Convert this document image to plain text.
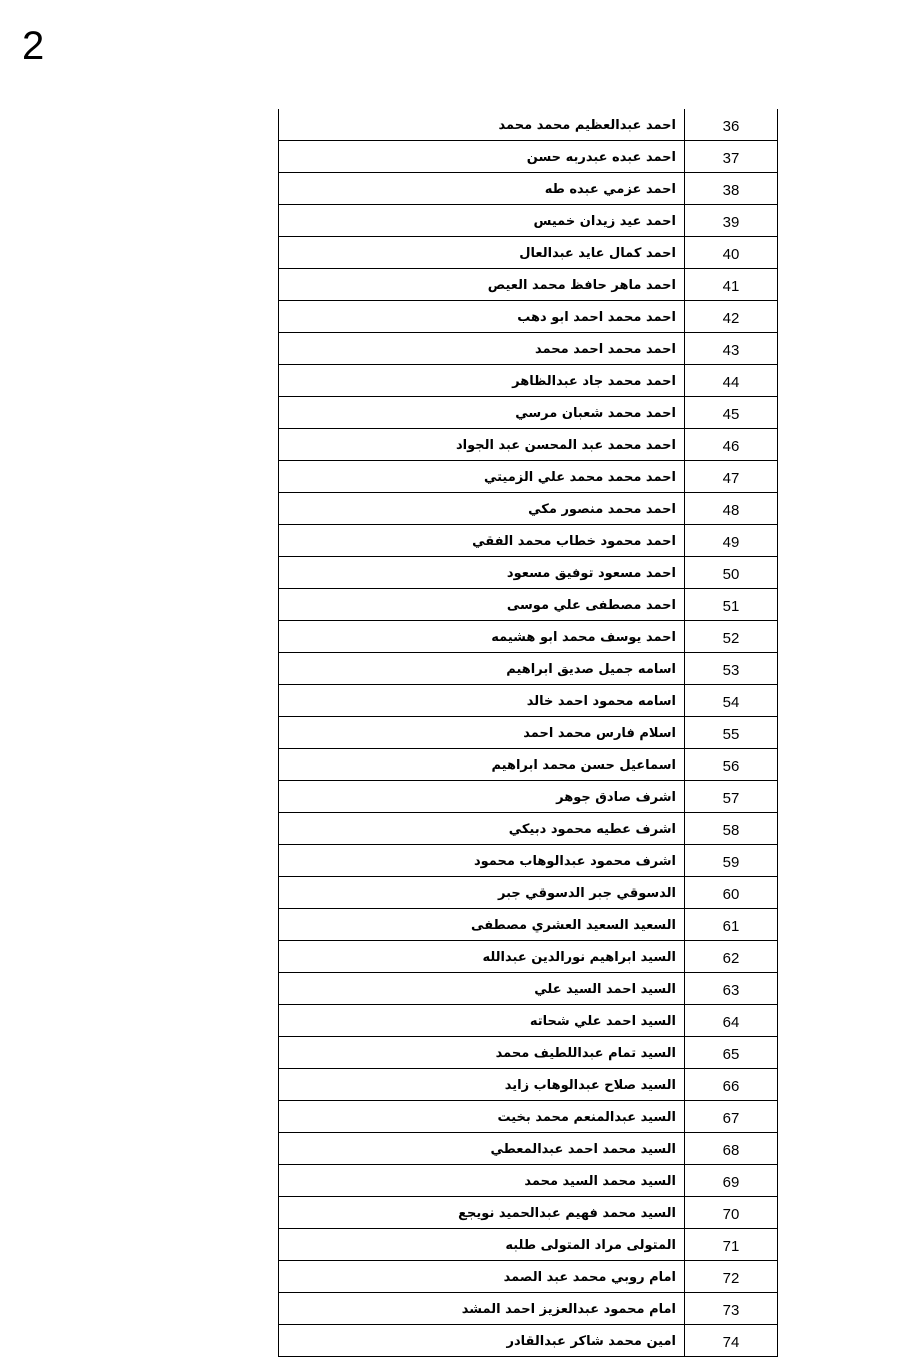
2
احمد عبدالعظيم محمد محمد	36
احمد عبده عبدربه حسن	37
احمد عزمي عبده طه	38
احمد عيد زيدان خميس	39
احمد كمال عايد عبدالعال	40
احمد ماهر حافظ محمد العيص	41
احمد محمد احمد ابو دهب	42
احمد محمد احمد محمد	43
احمد محمد جاد عبدالظاهر	44
احمد محمد شعبان مرسي	45
احمد محمد عبد المحسن عبد الجواد	46
احمد محمد محمد علي الزميتي	47
احمد محمد منصور مكي	48
احمد محمود خطاب محمد الفقي	49
احمد مسعود توفيق مسعود	50
احمد مصطفى علي موسى	51
احمد يوسف محمد ابو هشيمه	52
اسامه جميل صديق ابراهيم	53
اسامه محمود احمد خالد	54
اسلام فارس محمد احمد	55
اسماعيل حسن محمد ابراهيم	56
اشرف صادق جوهر	57
اشرف عطيه محمود دبيكي	58
اشرف محمود عبدالوهاب محمود	59
الدسوقي جبر الدسوقي جبر	60
السعيد السعيد العشري مصطفى	61
السيد ابراهيم نورالدين عبدالله	62
السيد احمد السيد علي	63
السيد احمد علي شحاته	64
السيد تمام عبداللطيف محمد	65
السيد صلاح عبدالوهاب زايد	66
السيد عبدالمنعم محمد بخيت	67
السيد محمد احمد عبدالمعطي	68
السيد محمد السيد محمد	69
السيد محمد فهيم عبدالحميد نويجع	70
المتولى مراد المتولى طلبه	71
امام روبي محمد عبد الصمد	72
امام محمود عبدالعزيز احمد المشد	73
امين محمد شاكر عبدالقادر	74
